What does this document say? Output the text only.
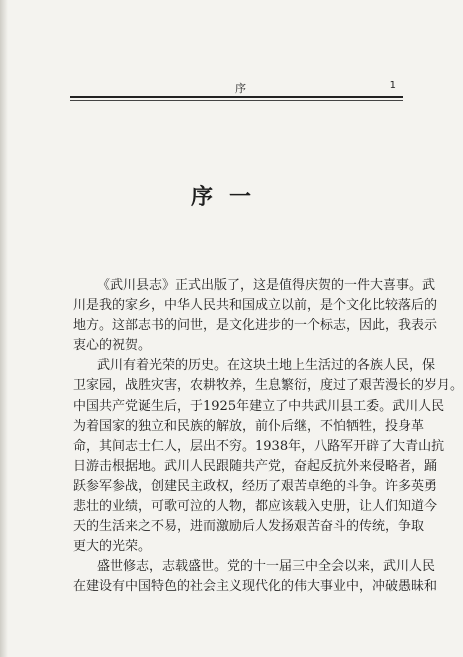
序	1
序一
《武川县志》正式出版了，这是值得庆贺的一件大喜事。武
川是我的家乡，中华人民共和国成立以前，是个文化比较落后的
地方。这部志书的问世，是文化进步的一个标志，因此，我表示
衷心的祝贺。
武川有着光荣的历史。在这块土地上生活过的各族人民，保
卫家园，战胜灾害，农耕牧养，生息繁衍，度过了艰苦漫长的岁月。
中国共产党诞生后，于1925年建立了中共武川县工委。武川人民
为着国家的独立和民族的解放，前仆后继，不怕牺牲，投身革
命，其间志士仁人，层出不穷。1938年，八路军开辟了大青山抗
日游击根据地。武川人民跟随共产党，奋起反抗外来侵略者，踊
跃参军参战，创建民主政权，经历了艰苦卓绝的斗争。许多英勇
悲壮的业绩，可歌可泣的人物，都应该载入史册，让人们知道今
天的生活来之不易，进而激励后人发扬艰苦奋斗的传统，争取
更大的光荣。
盛世修志，志载盛世。党的十一届三中全会以来，武川人民
在建设有中国特色的社会主义现代化的伟大事业中，冲破愚昧和
